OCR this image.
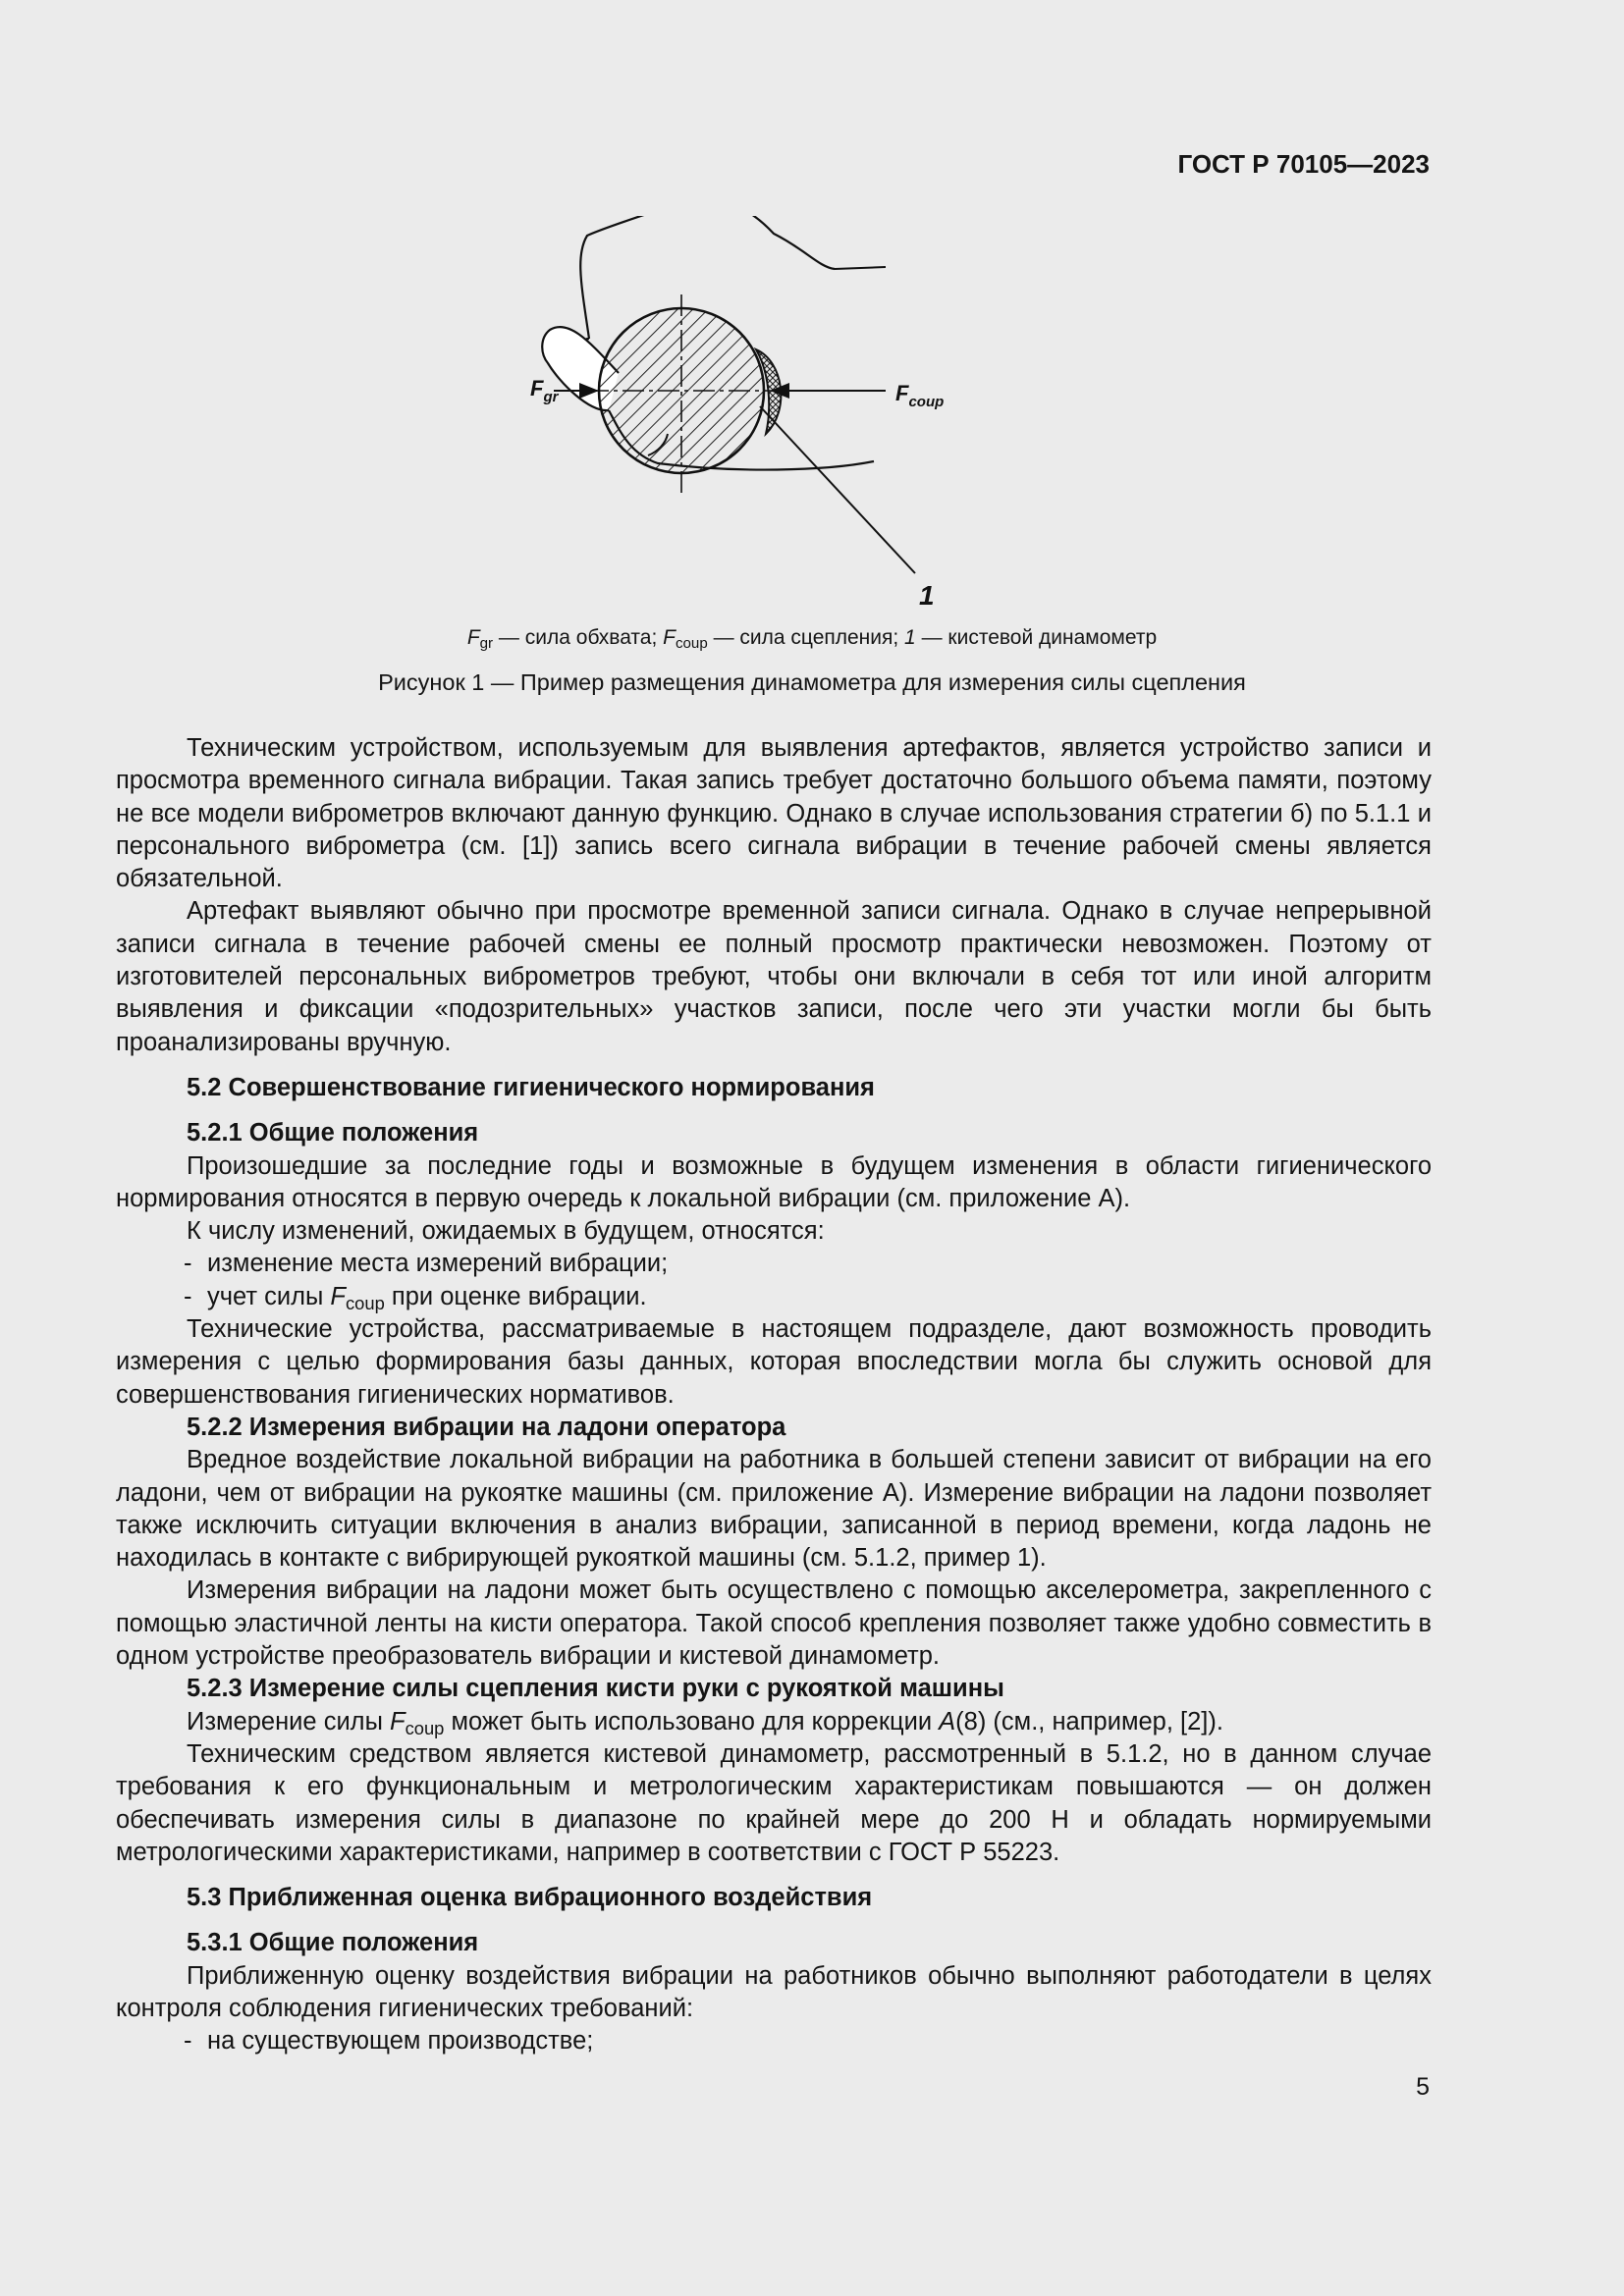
ГОСТ Р 70105—2023
$F_{gr}$	$F_{coup}$
1
$F_{gr}$ — сила обхвата; $F_{coup}$ — сила сцепления; 1 — кистевой динамометр
Рисунок 1 — Пример размещения динамометра для измерения силы сцепления

Техническим устройством, используемым для выявления артефактов, является устройство записи и просмотра временного сигнала вибрации. Такая запись требует достаточно большого объема памяти, поэтому не все модели виброметров включают данную функцию. Однако в случае использования стратегии б) по 5.1.1 и персонального виброметра (см. [1]) запись всего сигнала вибрации в течение рабочей смены является обязательной.

Артефакт выявляют обычно при просмотре временной записи сигнала. Однако в случае непрерывной записи сигнала в течение рабочей смены ее полный просмотр практически невозможен. Поэтому от изготовителей персональных виброметров требуют, чтобы они включали в себя тот или иной алгоритм выявления и фиксации «подозрительных» участков записи, после чего эти участки могли бы быть проанализированы вручную.

5.2 Совершенствование гигиенического нормирования

5.2.1 Общие положения

Произошедшие за последние годы и возможные в будущем изменения в области гигиенического нормирования относятся в первую очередь к локальной вибрации (см. приложение А).

К числу изменений, ожидаемых в будущем, относятся:

- изменение места измерений вибрации;

- учет силы $F_{coup}$ при оценке вибрации.

Технические устройства, рассматриваемые в настоящем подразделе, дают возможность проводить измерения с целью формирования базы данных, которая впоследствии могла бы служить основой для совершенствования гигиенических нормативов.

5.2.2 Измерения вибрации на ладони оператора

Вредное воздействие локальной вибрации на работника в большей степени зависит от вибрации на его ладони, чем от вибрации на рукоятке машины (см. приложение А). Измерение вибрации на ладони позволяет также исключить ситуации включения в анализ вибрации, записанной в период времени, когда ладонь не находилась в контакте с вибрирующей рукояткой машины (см. 5.1.2, пример 1).

Измерения вибрации на ладони может быть осуществлено с помощью акселерометра, закрепленного с помощью эластичной ленты на кисти оператора. Такой способ крепления позволяет также удобно совместить в одном устройстве преобразователь вибрации и кистевой динамометр.

5.2.3 Измерение силы сцепления кисти руки с рукояткой машины

Измерение силы $F_{coup}$ может быть использовано для коррекции A(8) (см., например, [2]).

Техническим средством является кистевой динамометр, рассмотренный в 5.1.2, но в данном случае требования к его функциональным и метрологическим характеристикам повышаются — он должен обеспечивать измерения силы в диапазоне по крайней мере до 200 Н и обладать нормируемыми метрологическими характеристиками, например в соответствии с ГОСТ Р 55223.

5.3 Приближенная оценка вибрационного воздействия

5.3.1 Общие положения

Приближенную оценку воздействия вибрации на работников обычно выполняют работодатели в целях контроля соблюдения гигиенических требований:

- на существующем производстве;

5
